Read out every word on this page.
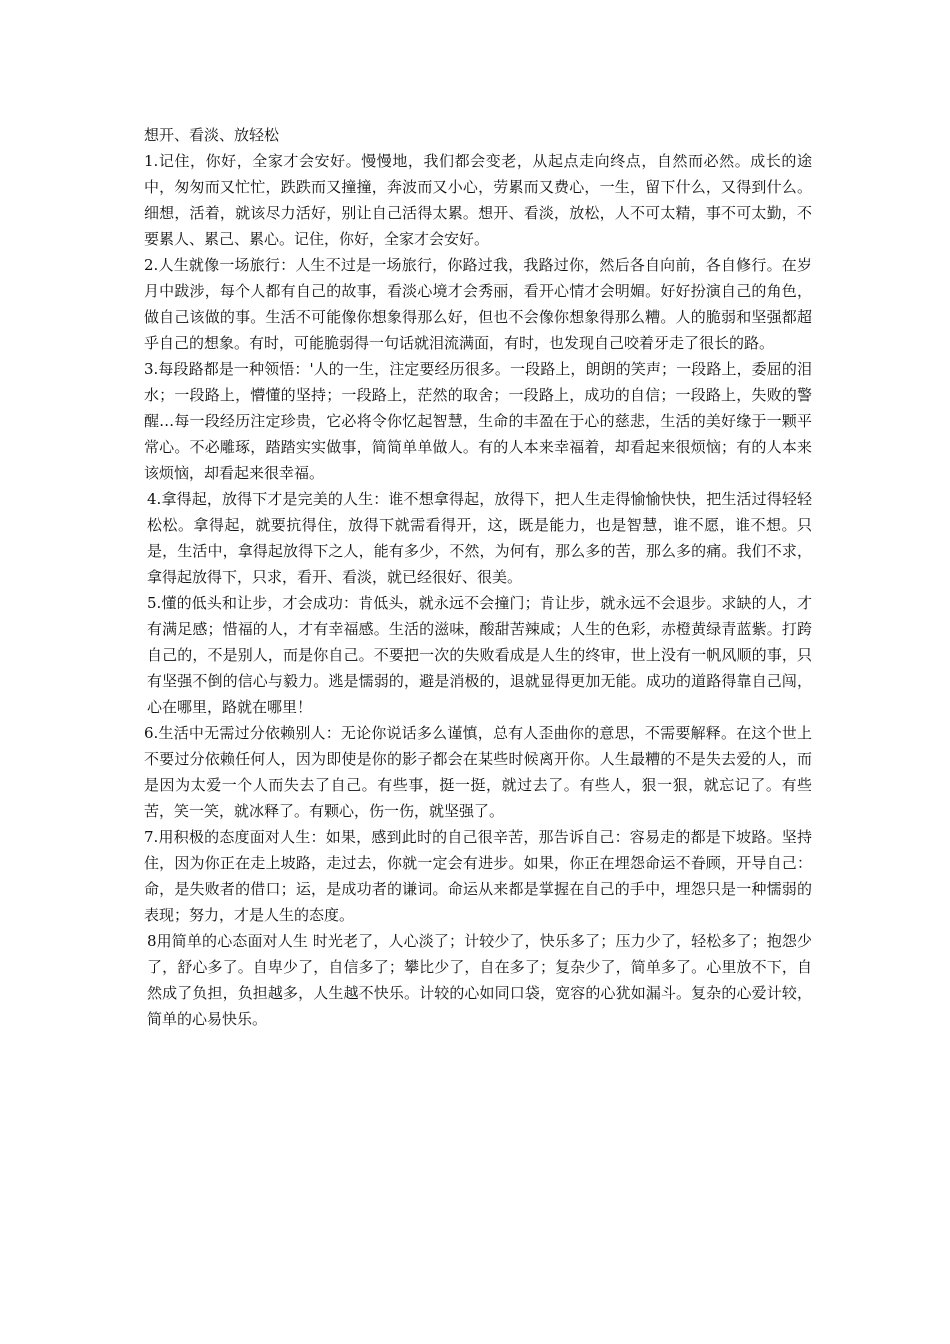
想开、看淡、放轻松

1.记住，你好，全家才会安好。慢慢地，我们都会变老，从起点走向终点，自然而必然。成长的途中，匆匆而又忙忙，跌跌而又撞撞，奔波而又小心，劳累而又费心，一生，留下什么，又得到什么。细想，活着，就该尽力活好，别让自己活得太累。想开、看淡，放松，人不可太精，事不可太勤，不要累人、累己、累心。记住，你好，全家才会安好。

2.人生就像一场旅行：人生不过是一场旅行，你路过我，我路过你，然后各自向前，各自修行。在岁月中跋涉，每个人都有自己的故事，看淡心境才会秀丽，看开心情才会明媚。好好扮演自己的角色，做自己该做的事。生活不可能像你想象得那么好，但也不会像你想象得那么糟。人的脆弱和坚强都超乎自己的想象。有时，可能脆弱得一句话就泪流满面，有时，也发现自己咬着牙走了很长的路。

3.每段路都是一种领悟：'人的一生，注定要经历很多。一段路上，朗朗的笑声；一段路上，委屈的泪水；一段路上，懵懂的坚持；一段路上，茫然的取舍；一段路上，成功的自信；一段路上，失败的警醒…每一段经历注定珍贵，它必将令你忆起智慧，生命的丰盈在于心的慈悲，生活的美好缘于一颗平常心。不必雕琢，踏踏实实做事，简简单单做人。有的人本来幸福着，却看起来很烦恼；有的人本来该烦恼，却看起来很幸福。

4.拿得起，放得下才是完美的人生：谁不想拿得起，放得下，把人生走得愉愉快快，把生活过得轻轻松松。拿得起，就要抗得住，放得下就需看得开，这，既是能力，也是智慧，谁不愿，谁不想。只是，生活中，拿得起放得下之人，能有多少，不然，为何有，那么多的苦，那么多的痛。我们不求，拿得起放得下，只求，看开、看淡，就已经很好、很美。

5.懂的低头和让步，才会成功：肯低头，就永远不会撞门；肯让步，就永远不会退步。求缺的人，才有满足感；惜福的人，才有幸福感。生活的滋味，酸甜苦辣咸；人生的色彩，赤橙黄绿青蓝紫。打跨自己的，不是别人，而是你自己。不要把一次的失败看成是人生的终审，世上没有一帆风顺的事，只有坚强不倒的信心与毅力。逃是懦弱的，避是消极的，退就显得更加无能。成功的道路得靠自己闯，心在哪里，路就在哪里！

6.生活中无需过分依赖别人：无论你说话多么谨慎，总有人歪曲你的意思，不需要解释。在这个世上不要过分依赖任何人，因为即使是你的影子都会在某些时候离开你。人生最糟的不是失去爱的人，而是因为太爱一个人而失去了自己。有些事，挺一挺，就过去了。有些人，狠一狠，就忘记了。有些苦，笑一笑，就冰释了。有颗心，伤一伤，就坚强了。

7.用积极的态度面对人生：如果，感到此时的自己很辛苦，那告诉自己：容易走的都是下坡路。坚持住，因为你正在走上坡路，走过去，你就一定会有进步。如果，你正在埋怨命运不眷顾，开导自己：命，是失败者的借口；运，是成功者的谦词。命运从来都是掌握在自己的手中，埋怨只是一种懦弱的表现；努力，才是人生的态度。

8用简单的心态面对人生 时光老了，人心淡了；计较少了，快乐多了；压力少了，轻松多了；抱怨少了，舒心多了。自卑少了，自信多了；攀比少了，自在多了；复杂少了，简单多了。心里放不下，自然成了负担，负担越多，人生越不快乐。计较的心如同口袋，宽容的心犹如漏斗。复杂的心爱计较，简单的心易快乐。
